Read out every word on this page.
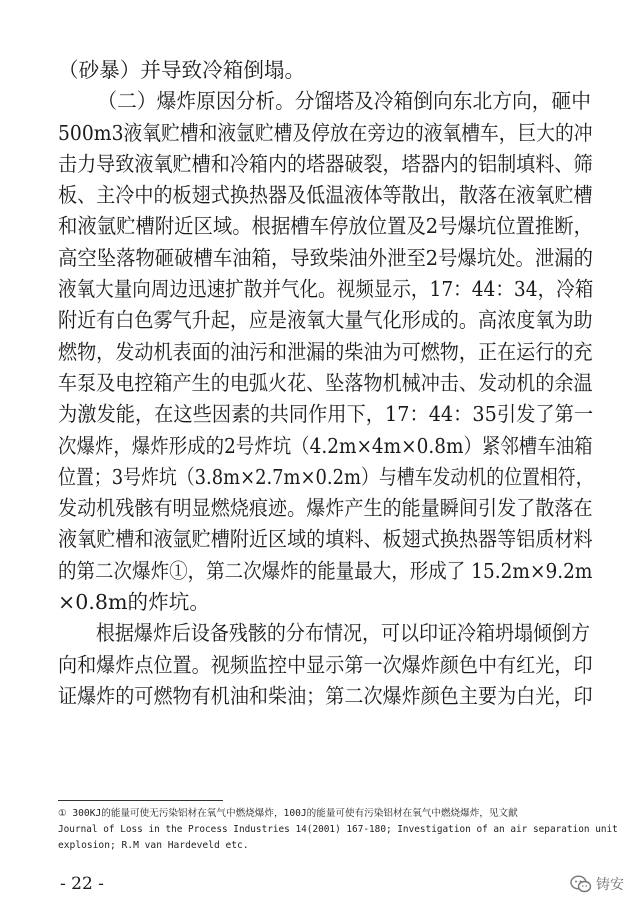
（砂暴）并导致冷箱倒塌。
（二）爆炸原因分析。分馏塔及冷箱倒向东北方向，砸中
500m3液氧贮槽和液氩贮槽及停放在旁边的液氧槽车，巨大的冲
击力导致液氧贮槽和冷箱内的塔器破裂，塔器内的铝制填料、筛
板、主冷中的板翅式换热器及低温液体等散出，散落在液氧贮槽
和液氩贮槽附近区域。根据槽车停放位置及2号爆坑位置推断，
高空坠落物砸破槽车油箱，导致柴油外泄至2号爆坑处。泄漏的
液氧大量向周边迅速扩散并气化。视频显示，17：44：34，冷箱
附近有白色雾气升起，应是液氧大量气化形成的。高浓度氧为助
燃物，发动机表面的油污和泄漏的柴油为可燃物，正在运行的充
车泵及电控箱产生的电弧火花、坠落物机械冲击、发动机的余温
为激发能，在这些因素的共同作用下，17：44：35引发了第一
次爆炸，爆炸形成的2号炸坑（4.2m×4m×0.8m）紧邻槽车油箱
位置；3号炸坑（3.8m×2.7m×0.2m）与槽车发动机的位置相符，
发动机残骸有明显燃烧痕迹。爆炸产生的能量瞬间引发了散落在
液氧贮槽和液氩贮槽附近区域的填料、板翅式换热器等铝质材料
的第二次爆炸①，第二次爆炸的能量最大，形成了 15.2m×9.2m
×0.8m的炸坑。
根据爆炸后设备残骸的分布情况，可以印证冷箱坍塌倾倒方
向和爆炸点位置。视频监控中显示第一次爆炸颜色中有红光，印
证爆炸的可燃物有机油和柴油；第二次爆炸颜色主要为白光，印
① 300KJ的能量可使无污染铝材在氧气中燃烧爆炸，100J的能量可使有污染铝材在氧气中燃烧爆炸，见文献
Journal of Loss in the Process Industries 14(2001) 167-180; Investigation of an air separation unit
explosion; R.M van Hardeveld etc.
- 22 -	铸安
